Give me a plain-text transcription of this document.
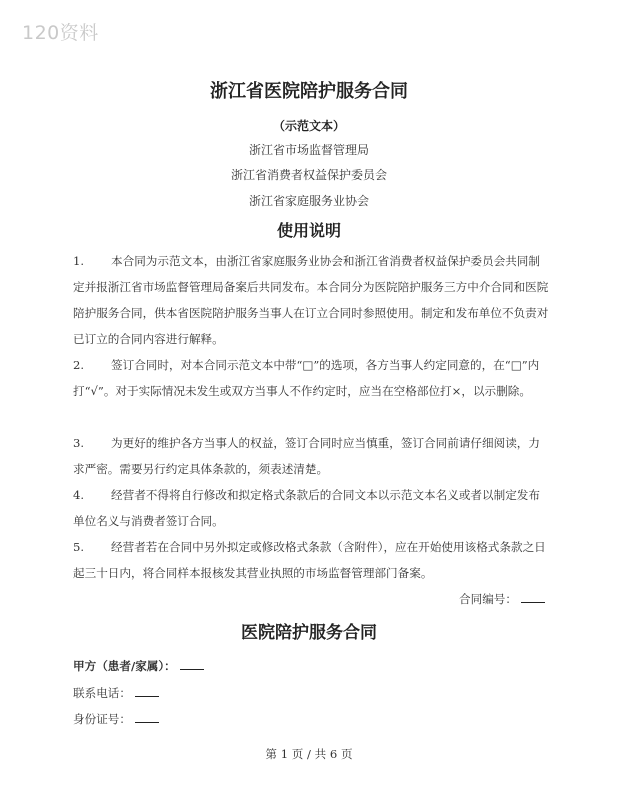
120资料
浙江省医院陪护服务合同
（示范文本）
浙江省市场监督管理局
浙江省消费者权益保护委员会
浙江省家庭服务业协会
使用说明

1. 本合同为示范文本，由浙江省家庭服务业协会和浙江省消费者权益保护委员会共同制定并报浙江省市场监督管理局备案后共同发布。本合同分为医院陪护服务三方中介合同和医院陪护服务合同，供本省医院陪护服务当事人在订立合同时参照使用。制定和发布单位不负责对已订立的合同内容进行解释。

2. 签订合同时，对本合同示范文本中带“□”的选项，各方当事人约定同意的，在“□”内打“√”。对于实际情况未发生或双方当事人不作约定时，应当在空格部位打×，以示删除。

3. 为更好的维护各方当事人的权益，签订合同时应当慎重，签订合同前请仔细阅读，力求严密。需要另行约定具体条款的，须表述清楚。

4. 经营者不得将自行修改和拟定格式条款后的合同文本以示范文本名义或者以制定发布单位名义与消费者签订合同。

5. 经营者若在合同中另外拟定或修改格式条款（含附件），应在开始使用该格式条款之日起三十日内，将合同样本报核发其营业执照的市场监督管理部门备案。

合同编号：
医院陪护服务合同
甲方（患者/家属）：
联系电话：
身份证号：
第 1 页 / 共 6 页
